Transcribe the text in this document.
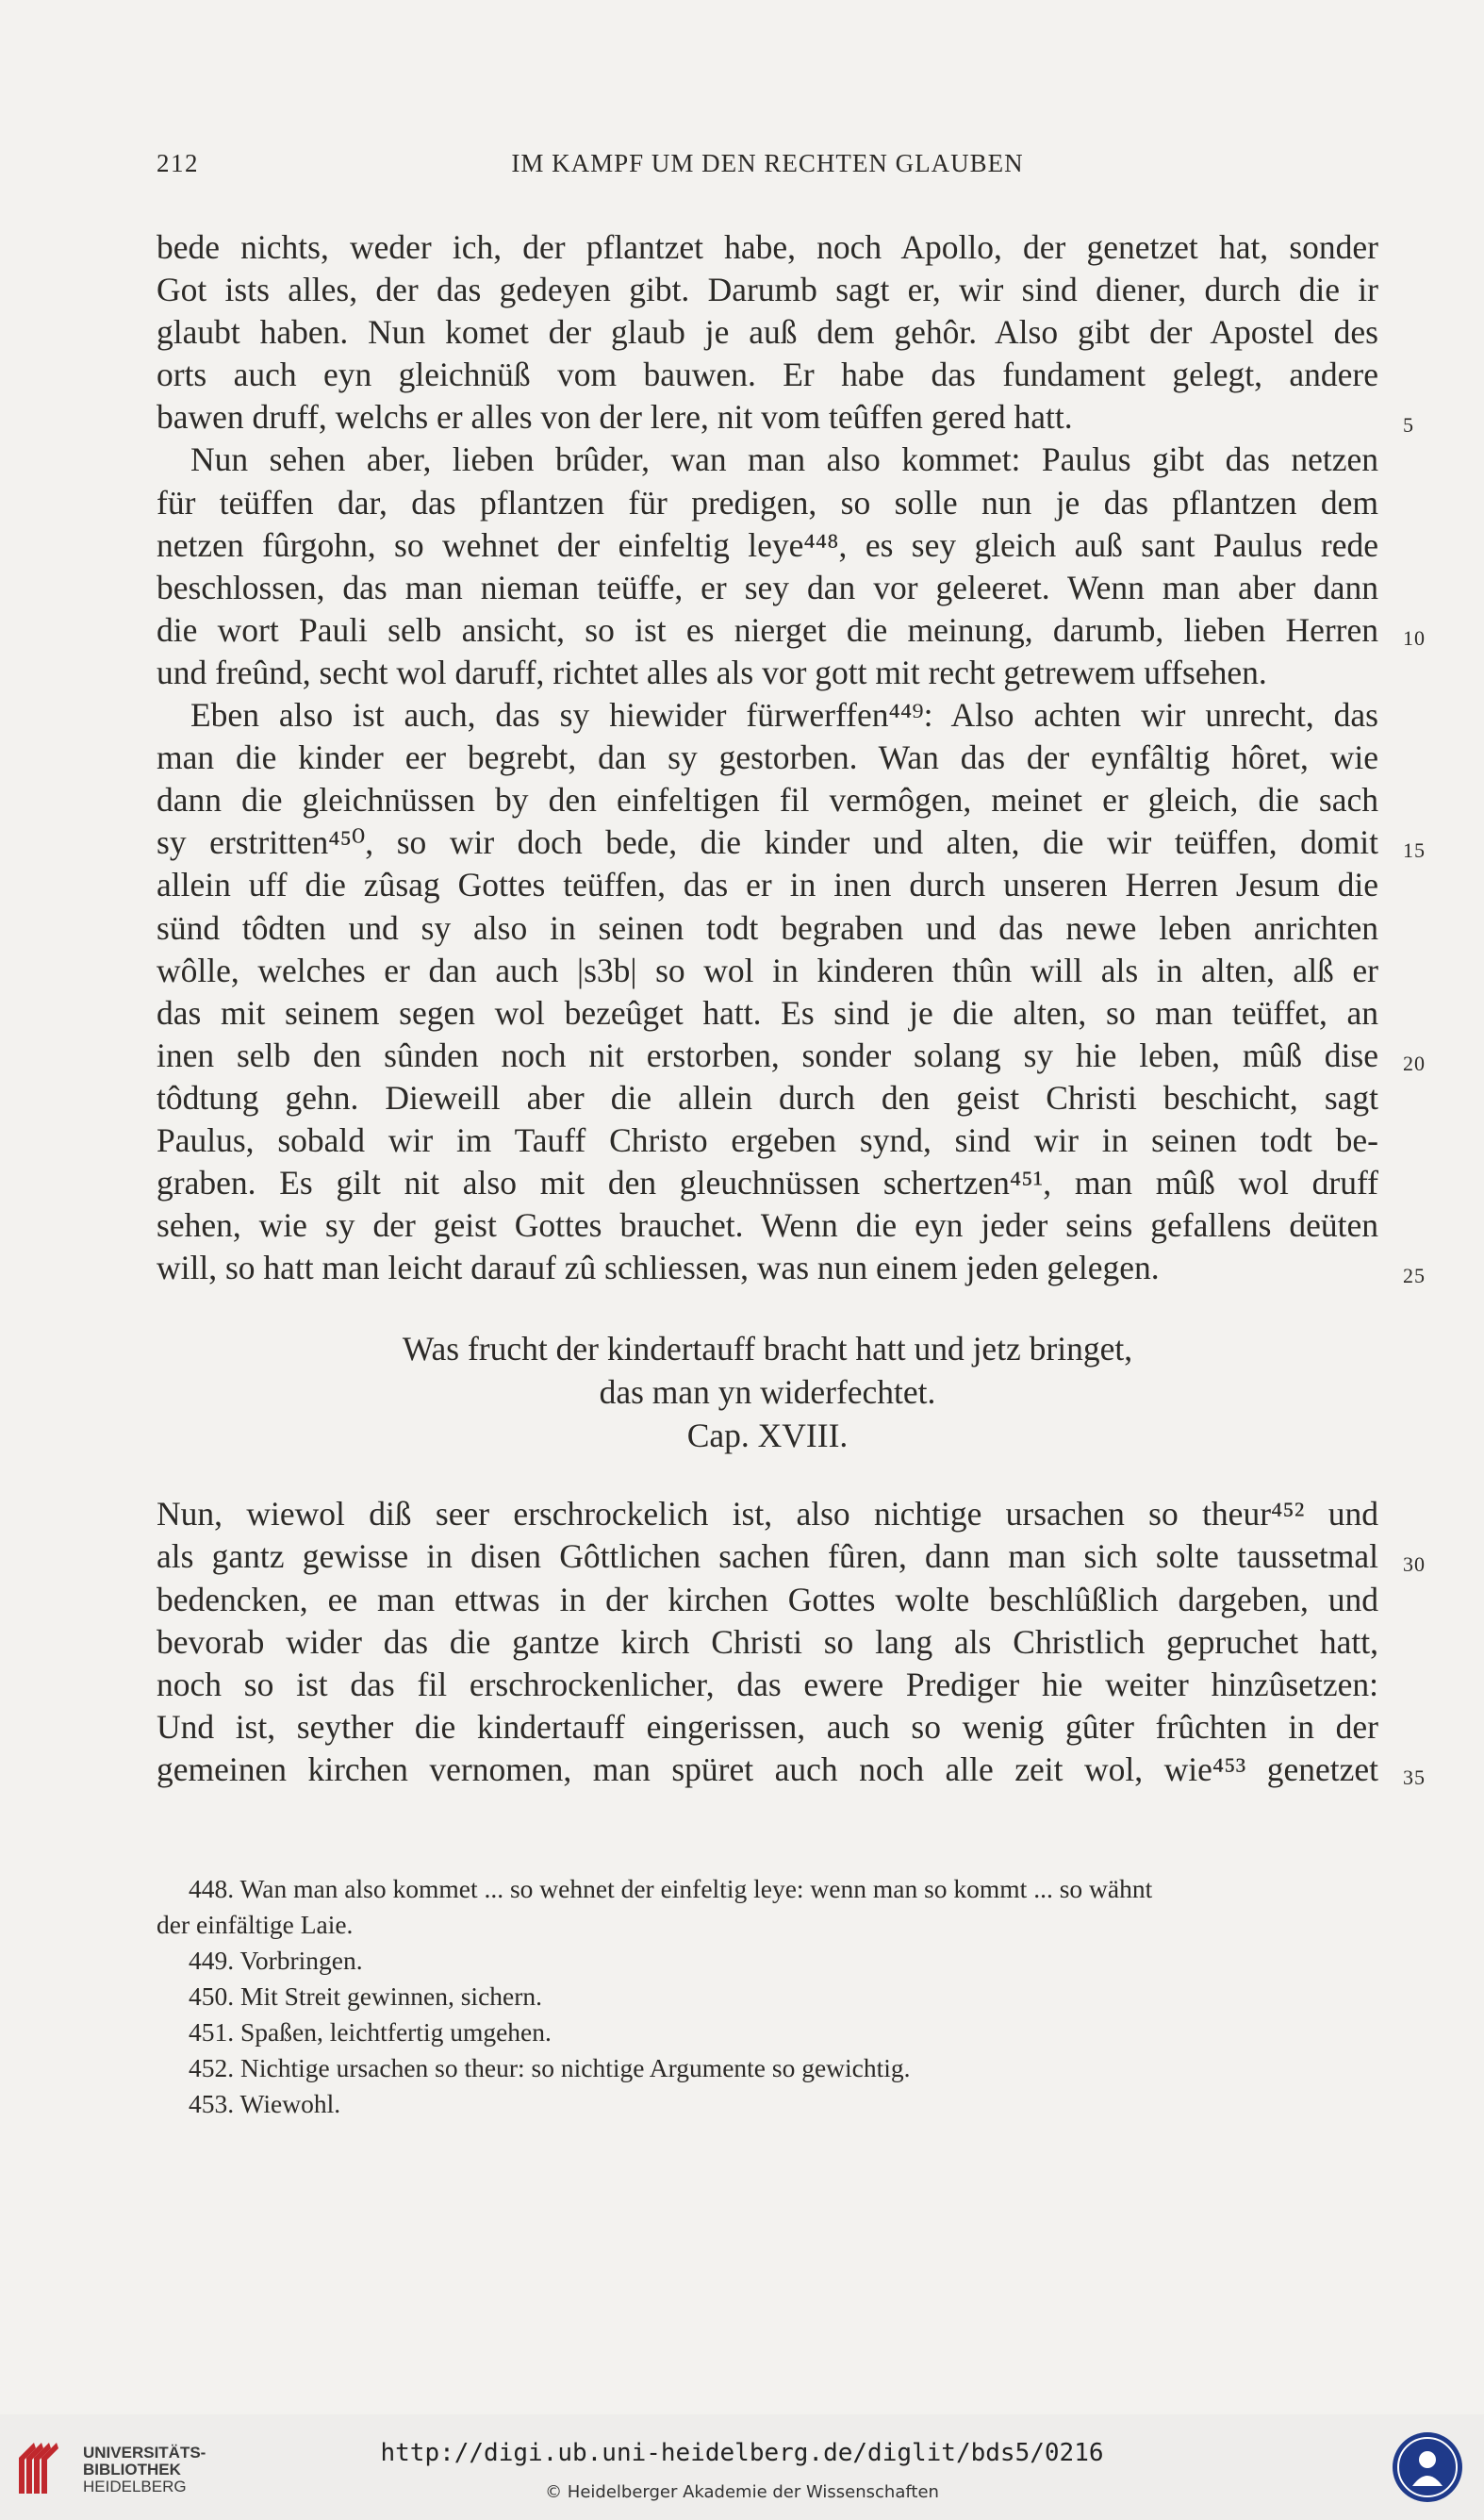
212	IM KAMPF UM DEN RECHTEN GLAUBEN
bede nichts, weder ich, der pflantzet habe, noch Apollo, der genetzet hat, sonder
Got ists alles, der das gedeyen gibt. Darumb sagt er, wir sind diener, durch die ir
glaubt haben. Nun komet der glaub je auß dem gehôr. Also gibt der Apostel des
orts auch eyn gleichnüß vom bauwen. Er habe das fundament gelegt, andere
bawen druff, welchs er alles von der lere, nit vom teûffen gered hatt.	5
Nun sehen aber, lieben brûder, wan man also kommet: Paulus gibt das netzen
für teüffen dar, das pflantzen für predigen, so solle nun je das pflantzen dem
netzen fûrgohn, so wehnet der einfeltig leye⁴⁴⁸, es sey gleich auß sant Paulus rede
beschlossen, das man nieman teüffe, er sey dan vor geleeret. Wenn man aber dann
die wort Pauli selb ansicht, so ist es nierget die meinung, darumb, lieben Herren 10
und freûnd, secht wol daruff, richtet alles als vor gott mit recht getrewem uffsehen.
Eben also ist auch, das sy hiewider fürwerffen⁴⁴⁹: Also achten wir unrecht, das
man die kinder eer begrebt, dan sy gestorben. Wan das der eynfâltig hôret, wie
dann die gleichnüssen by den einfeltigen fil vermôgen, meinet er gleich, die sach
sy erstritten⁴⁵⁰, so wir doch bede, die kinder und alten, die wir teüffen, domit 15
allein uff die zûsag Gottes teüffen, das er in inen durch unseren Herren Jesum die
sünd tôdten und sy also in seinen todt begraben und das newe leben anrichten
wôlle, welches er dan auch |s3b| so wol in kinderen thûn will als in alten, alß er
das mit seinem segen wol bezeûget hatt. Es sind je die alten, so man teüffet, an
inen selb den sûnden noch nit erstorben, sonder solang sy hie leben, mûß dise 20
tôdtung gehn. Dieweill aber die allein durch den geist Christi beschicht, sagt
Paulus, sobald wir im Tauff Christo ergeben synd, sind wir in seinen todt be-
graben. Es gilt nit also mit den gleuchnüssen schertzen⁴⁵¹, man mûß wol druff
sehen, wie sy der geist Gottes brauchet. Wenn die eyn jeder seins gefallens deüten
will, so hatt man leicht darauf zû schliessen, was nun einem jeden gelegen.	25
Was frucht der kindertauff bracht hatt und jetz bringet,
das man yn widerfechtet.
Cap. XVIII.
Nun, wiewol diß seer erschrockelich ist, also nichtige ursachen so theur⁴⁵² und
als gantz gewisse in disen Gôttlichen sachen fûren, dann man sich solte taussetmal 30
bedencken, ee man ettwas in der kirchen Gottes wolte beschlûßlich dargeben, und
bevorab wider das die gantze kirch Christi so lang als Christlich gepruchet hatt,
noch so ist das fil erschrockenlicher, das ewere Prediger hie weiter hinzûsetzen:
Und ist, seyther die kindertauff eingerissen, auch so wenig gûter frûchten in der
gemeinen kirchen vernomen, man spüret auch noch alle zeit wol, wie⁴⁵³ genetzet 35
448. Wan man also kommet ... so wehnet der einfeltig leye: wenn man so kommt ... so wähnt
der einfältige Laie.
449. Vorbringen.
450. Mit Streit gewinnen, sichern.
451. Spaßen, leichtfertig umgehen.
452. Nichtige ursachen so theur: so nichtige Argumente so gewichtig.
453. Wiewohl.
UNIVERSITÄTS-
BIBLIOTHEK
HEIDELBERG
http://digi.ub.uni-heidelberg.de/diglit/bds5/0216
© Heidelberger Akademie der Wissenschaften
